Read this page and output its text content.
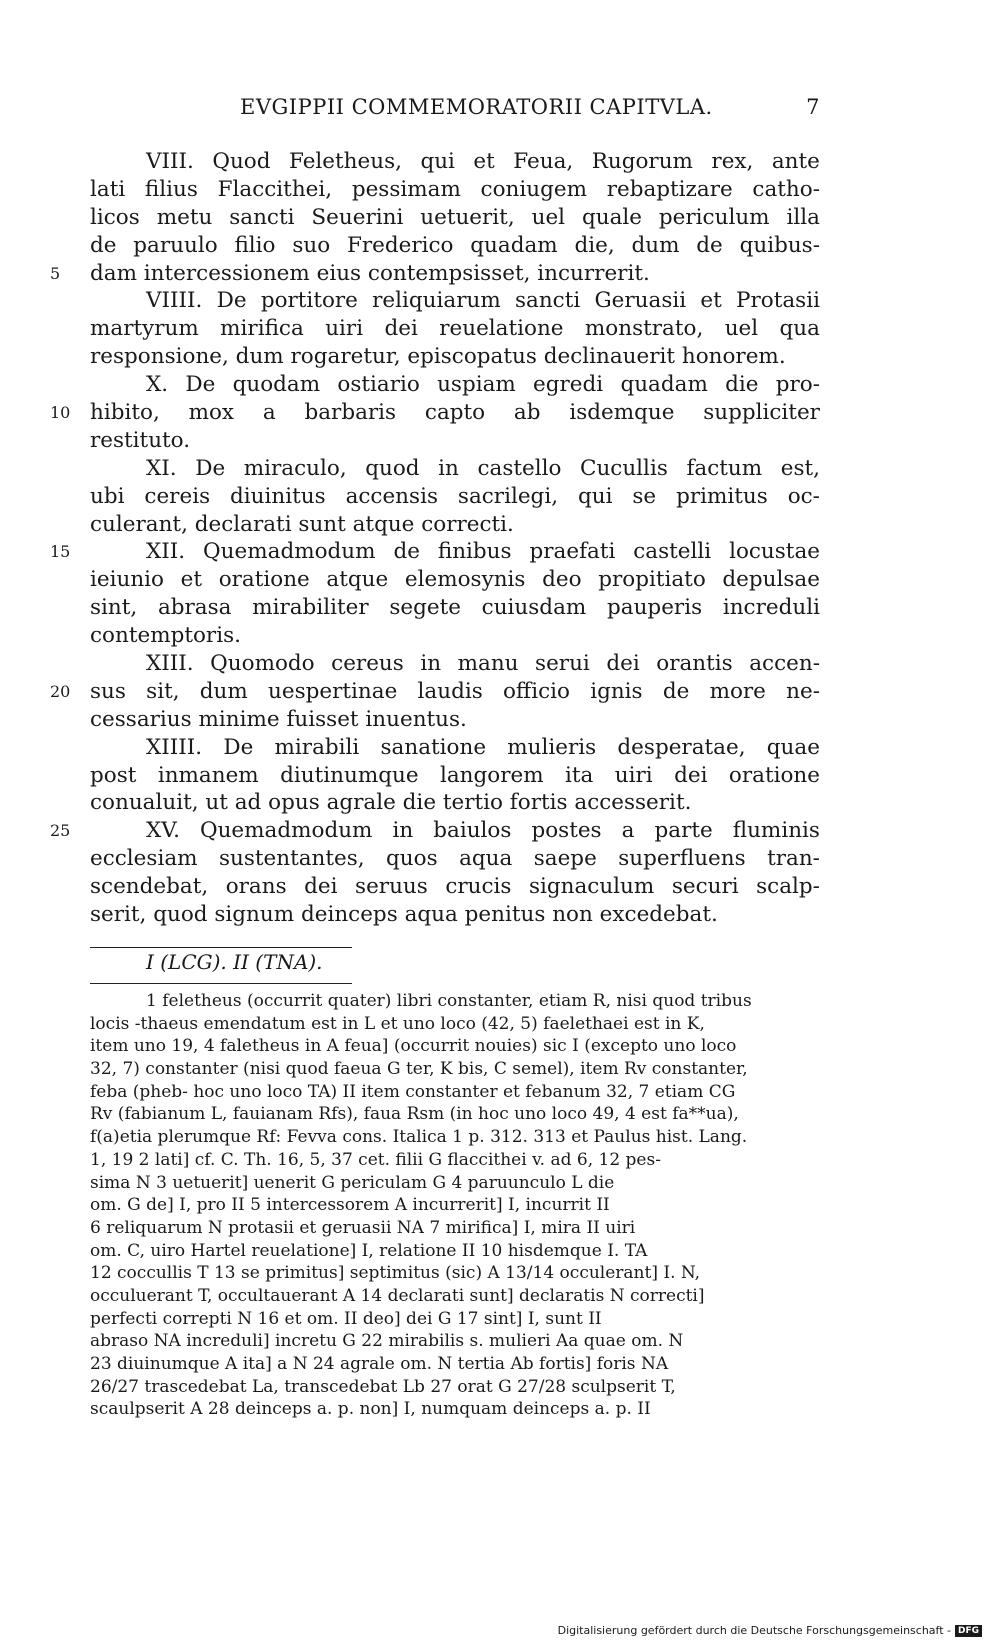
EVGIPPII COMMEMORATORII CAPITVLA.	7
VIII. Quod Feletheus, qui et Feua, Rugorum rex, ante
lati filius Flaccithei, pessimam coniugem rebaptizare catho-
licos metu sancti Seuerini uetuerit, uel quale periculum illa
de paruulo filio suo Frederico quadam die, dum de quibus-
5	dam intercessionem eius contempsisset, incurrerit.
VIIII. De portitore reliquiarum sancti Geruasii et Protasii
martyrum mirifica uiri dei reuelatione monstrato, uel qua
responsione, dum rogaretur, episcopatus declinauerit honorem.
X. De quodam ostiario uspiam egredi quadam die pro-
10 hibito, mox a barbaris capto ab isdemque suppliciter
restituto.
XI. De miraculo, quod in castello Cucullis factum est,
ubi cereis diuinitus accensis sacrilegi, qui se primitus oc-
culerant, declarati sunt atque correcti.
15	XII. Quemadmodum de finibus praefati castelli locustae
ieiunio et oratione atque elemosynis deo propitiato depulsae
sint, abrasa mirabiliter segete cuiusdam pauperis increduli
contemptoris.
XIII. Quomodo cereus in manu serui dei orantis accen-
20 sus sit, dum uespertinae laudis officio ignis de more ne-
cessarius minime fuisset inuentus.
XIIII. De mirabili sanatione mulieris desperatae, quae
post inmanem diutinumque langorem ita uiri dei oratione
conualuit, ut ad opus agrale die tertio fortis accesserit.
25	XV. Quemadmodum in baiulos postes a parte fluminis
ecclesiam sustentantes, quos aqua saepe superfluens tran-
scendebat, orans dei seruus crucis signaculum securi scalp-
serit, quod signum deinceps aqua penitus non excedebat.
I (LCG). II (TNA).
1 feletheus (occurrit quater) libri constanter, etiam R, nisi quod tribus
locis -thaeus emendatum est in L et uno loco (42, 5) faelethaei est in K,
item uno 19, 4 faletheus in A feua] (occurrit nouies) sic I (excepto uno loco
32, 7) constanter (nisi quod faeua G ter, K bis, C semel), item Rv constanter,
feba (pheb- hoc uno loco TA) II item constanter et febanum 32, 7 etiam CG
Rv (fabianum L, fauianam Rfs), faua Rsm (in hoc uno loco 49, 4 est fa**ua),
f(a)etia plerumque Rf: Fevva cons. Italica 1 p. 312. 313 et Paulus hist. Lang.
1, 19 2 lati] cf. C. Th. 16, 5, 37 cet. filii G flaccithei v. ad 6, 12 pes-
sima N 3 uetuerit] uenerit G periculam G 4 paruunculo L die
om. G de] I, pro II 5 intercessorem A incurrerit] I, incurrit II
6 reliquarum N protasii et geruasii NA 7 mirifica] I, mira II uiri
om. C, uiro Hartel reuelatione] I, relatione II 10 hisdemque I. TA
12 coccullis T 13 se primitus] septimitus (sic) A 13/14 occulerant] I. N,
occuluerant T, occultauerant A 14 declarati sunt] declaratis N correcti]
perfecti correpti N 16 et om. II deo] dei G 17 sint] I, sunt II
abraso NA increduli] incretu G 22 mirabilis s. mulieri Aa quae om. N
23 diuinumque A ita] a N 24 agrale om. N tertia Ab fortis] foris NA
26/27 trascedebat La, transcedebat Lb 27 orat G 27/28 sculpserit T,
scaulpserit A 28 deinceps a. p. non] I, numquam deinceps a. p. II
Digitalisierung gefördert durch die Deutsche Forschungsgemeinschaft - DFG
